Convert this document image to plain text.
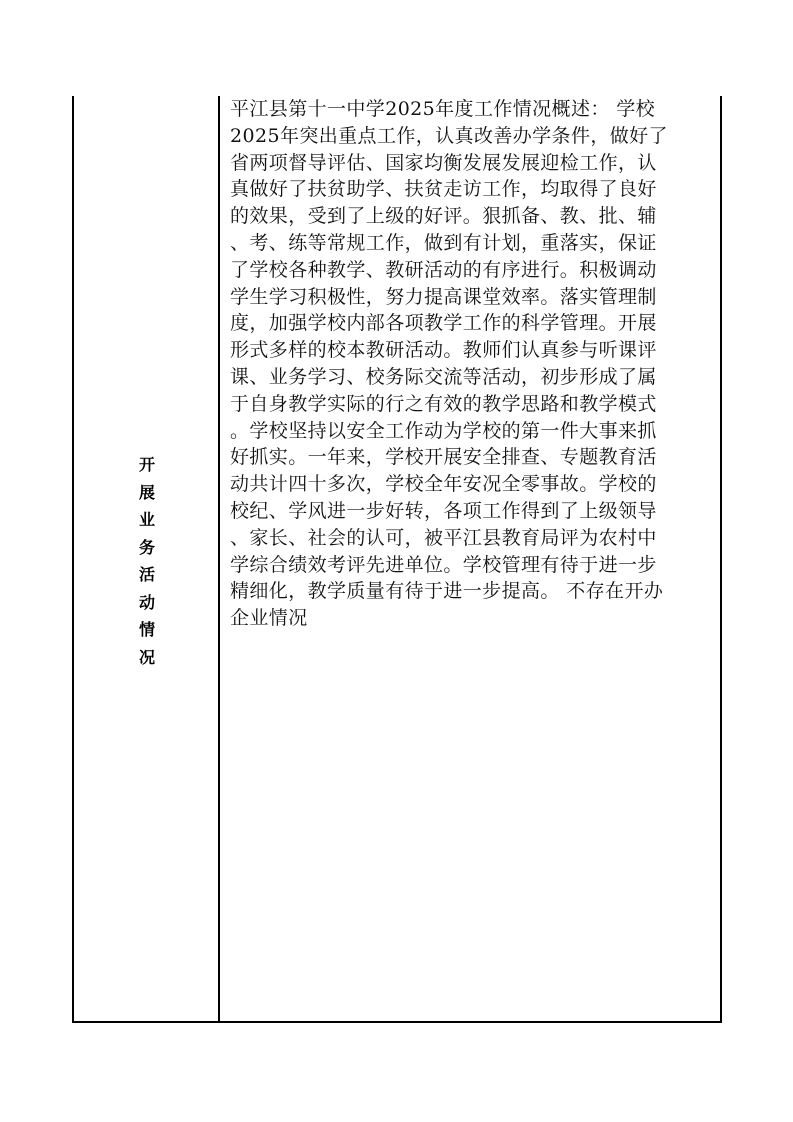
开
展
业
务
活
动
情
况

平江县第十一中学2025年度工作情况概述： 学校
2025年突出重点工作，认真改善办学条件，做好了
省两项督导评估、国家均衡发展发展迎检工作，认
真做好了扶贫助学、扶贫走访工作，均取得了良好
的效果，受到了上级的好评。狠抓备、教、批、辅
、考、练等常规工作，做到有计划，重落实，保证
了学校各种教学、教研活动的有序进行。积极调动
学生学习积极性，努力提高课堂效率。落实管理制
度，加强学校内部各项教学工作的科学管理。开展
形式多样的校本教研活动。教师们认真参与听课评
课、业务学习、校务际交流等活动，初步形成了属
于自身教学实际的行之有效的教学思路和教学模式
。学校坚持以安全工作动为学校的第一件大事来抓
好抓实。一年来，学校开展安全排查、专题教育活
动共计四十多次，学校全年安况全零事故。学校的
校纪、学风进一步好转，各项工作得到了上级领导
、家长、社会的认可，被平江县教育局评为农村中
学综合绩效考评先进单位。学校管理有待于进一步
精细化，教学质量有待于进一步提高。 不存在开办
企业情况
